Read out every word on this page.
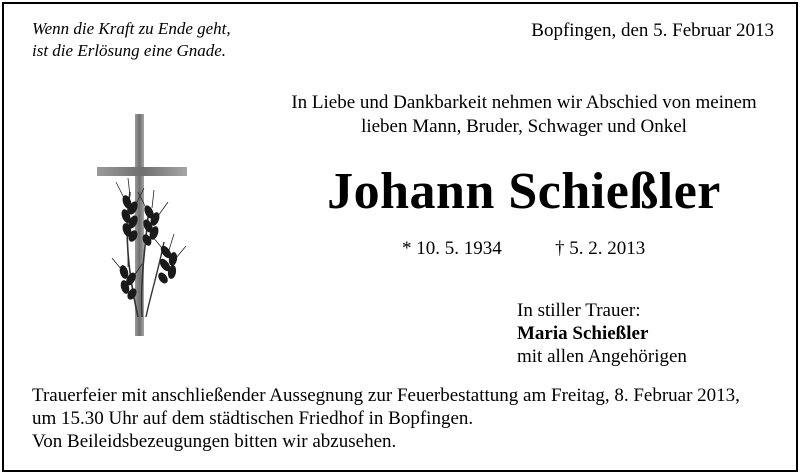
Wenn die Kraft zu Ende geht,
ist die Erlösung eine Gnade.
Bopfingen, den 5. Februar 2013
In Liebe und Dankbarkeit nehmen wir Abschied von meinem
lieben Mann, Bruder, Schwager und Onkel
Johann Schießler
* 10. 5. 1934	† 5. 2. 2013
In stiller Trauer:
Maria Schießler
mit allen Angehörigen
Trauerfeier mit anschließender Aussegnung zur Feuerbestattung am Freitag, 8. Februar 2013,
um 15.30 Uhr auf dem städtischen Friedhof in Bopfingen.
Von Beileidsbezeugungen bitten wir abzusehen.
